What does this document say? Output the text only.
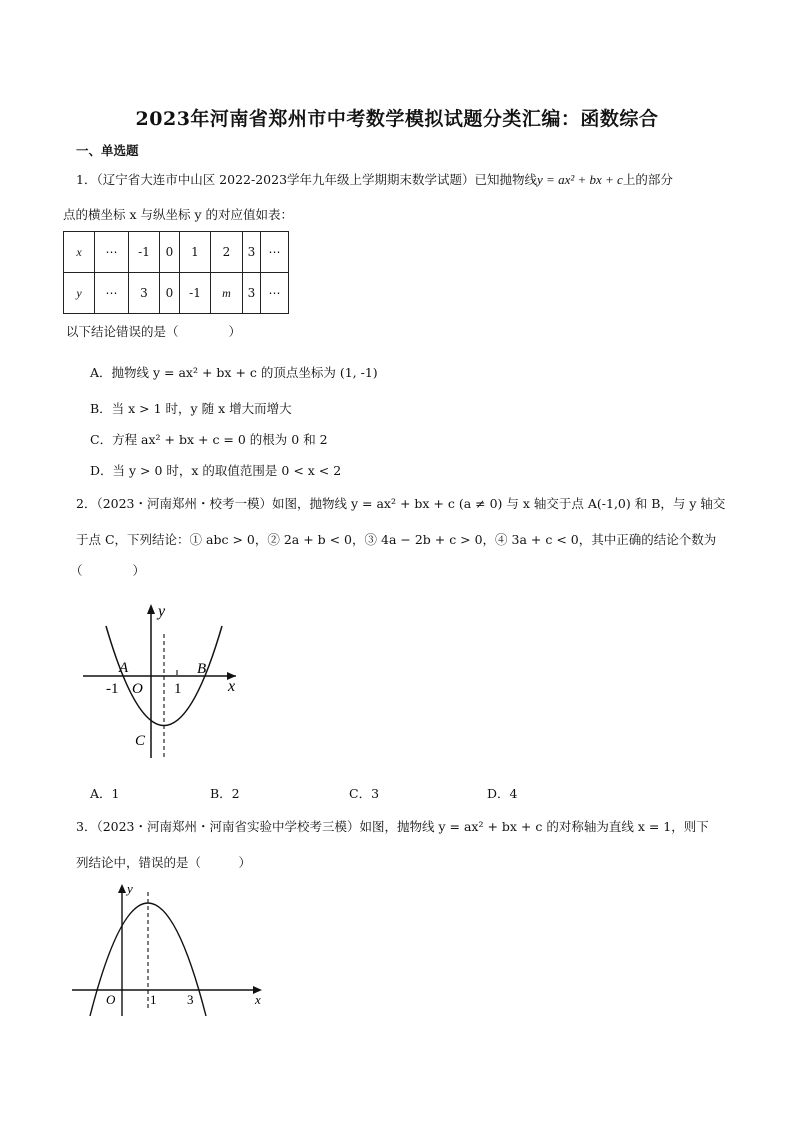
2023年河南省郑州市中考数学模拟试题分类汇编：函数综合
一、单选题
1．（辽宁省大连市中山区 2022-2023学年九年级上学期期末数学试题）已知抛物线y = ax² + bx + c上的部分
点的横坐标 x 与纵坐标 y 的对应值如表：
x	⋯	-1	0	1	2	3	⋯
y	⋯	3	0	-1	m	3	⋯
以下结论错误的是（　　　　）
A．抛物线 y = ax² + bx + c 的顶点坐标为 (1, -1)
B．当 x > 1 时，y 随 x 增大而增大
C．方程 ax² + bx + c = 0 的根为 0 和 2
D．当 y > 0 时，x 的取值范围是 0 < x < 2
2．（2023・河南郑州・校考一模）如图，抛物线 y = ax² + bx + c (a ≠ 0) 与 x 轴交于点 A(-1,0) 和 B，与 y 轴交
于点 C，下列结论：① abc > 0，② 2a + b < 0，③ 4a − 2b + c > 0，④ 3a + c < 0，其中正确的结论个数为
（　　　　）
y
x
A	B
C
O
-1	1
A．1	B．2	C．3	D．4
3．（2023・河南郑州・河南省实验中学校考三模）如图，抛物线 y = ax² + bx + c 的对称轴为直线 x = 1，则下
列结论中，错误的是（　　　）
y
x
O	1 3
